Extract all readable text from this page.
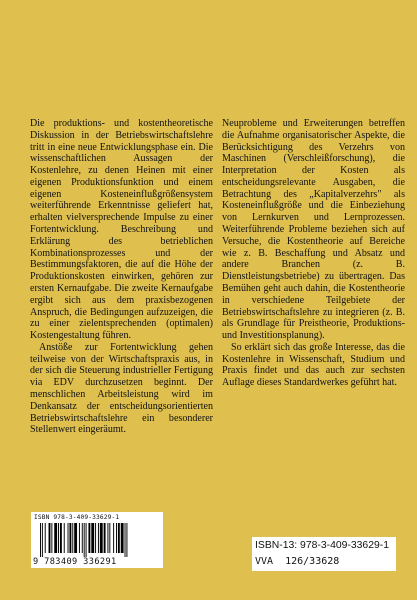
Die produktions- und kostentheoretische Diskussion in der Betriebswirtschaftslehre tritt in eine neue Entwicklungsphase ein. Die wissenschaftlichen Aussagen der Kostenlehre, zu denen Heinen mit einer eigenen Produktionsfunktion und einem eigenen Kosteneinflußgrößensystem weiterführende Erkenntnisse geliefert hat, erhalten vielversprechende Impulse zu einer Fortentwicklung. Beschreibung und Erklärung des betrieblichen Kombinationsprozesses und der Bestimmungsfaktoren, die auf die Höhe der Produktionskosten einwirken, gehören zur ersten Kernaufgabe. Die zweite Kernaufgabe ergibt sich aus dem praxisbezogenen Anspruch, die Bedingungen aufzuzeigen, die zu einer zielentsprechenden (optimalen) Kostengestaltung führen.

Anstöße zur Fortentwicklung gehen teilweise von der Wirtschaftspraxis aus, in der sich die Steuerung industrieller Fertigung via EDV durchzusetzen beginnt. Der menschlichen Arbeitsleistung wird im Denkansatz der entscheidungsorientierten Betriebswirtschaftslehre ein besonderer Stellenwert eingeräumt.

Neuprobleme und Erweiterungen betreffen die Aufnahme organisatorischer Aspekte, die Berücksichtigung des Verzehrs von Maschinen (Verschleißforschung), die Interpretation der Kosten als entscheidungsrelevante Ausgaben, die Betrachtung des „Kapitalverzehrs" als Kosteneinflußgröße und die Einbeziehung von Lernkurven und Lernprozessen. Weiterführende Probleme beziehen sich auf Versuche, die Kostentheorie auf Bereiche wie z. B. Beschaffung und Absatz und andere Branchen (z. B. Dienstleistungsbetriebe) zu übertragen. Das Bemühen geht auch dahin, die Kostentheorie in verschiedene Teilgebiete der Betriebswirtschaftslehre zu integrieren (z. B. als Grundlage für Preistheorie, Produktions- und Investitionsplanung).

So erklärt sich das große Interesse, das die Kostenlehre in Wissenschaft, Studium und Praxis findet und das auch zur sechsten Auflage dieses Standardwerkes geführt hat.

ISBN 978-3-409-33629-1
9 783409 336291
ISBN-13: 978-3-409-33629-1
VVA  126/33628
